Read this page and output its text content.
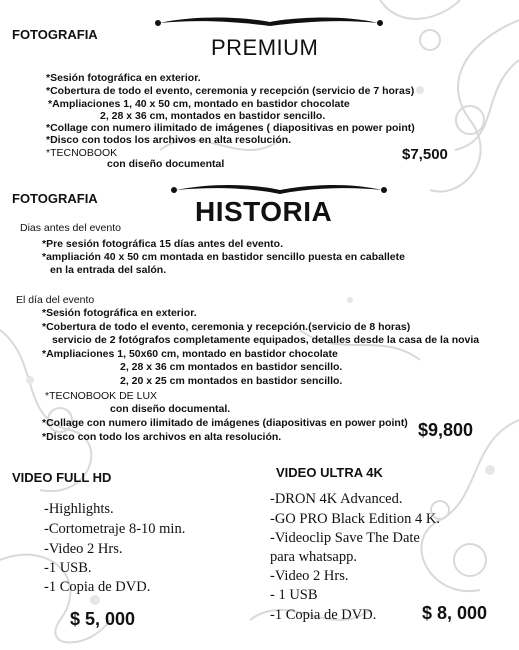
FOTOGRAFIA
PREMIUM
*Sesión fotográfica en exterior.
*Cobertura de todo el evento, ceremonia y recepción (servicio de 7 horas)
*Ampliaciones 1, 40 x 50 cm, montado en bastidor chocolate
2, 28 x 36 cm, montados en bastidor sencillo.
*Collage con numero ilimitado de imágenes ( diapositivas en power point)
*Disco con todos los archivos en alta resolución.
*TECNOBOOK
con diseño documental
$7,500
FOTOGRAFIA	HISTORIA
Dias antes del evento
*Pre sesión fotográfica 15 días antes del evento.
*ampliación 40 x 50 cm montada en bastidor sencillo puesta en caballete
en la entrada del salón.
El día del evento
*Sesión fotográfica en exterior.
*Cobertura de todo el evento, ceremonia y recepción.(servicio de 8 horas)
servicio de 2 fotógrafos completamente equipados, detalles desde la casa de la novia
*Ampliaciones 1, 50x60 cm, montado en bastidor chocolate
2, 28 x 36 cm montados en bastidor sencillo.
2, 20 x 25 cm montados en bastidor sencillo.
*TECNOBOOK DE LUX
con diseño documental.
*Collage con numero ilimitado de imágenes (diapositivas en power point)
*Disco con todo los archivos en alta resolución.	$9,800
VIDEO FULL HD
-Highlights.
-Cortometraje 8-10 min.
-Video 2 Hrs.
-1 USB.
-1 Copia de DVD.
$ 5, 000
VIDEO ULTRA 4K
-DRON 4K Advanced.
-GO PRO Black Edition 4 K.
-Videoclip Save The Date
para whatsapp.
-Video 2 Hrs.
- 1 USB
-1 Copia de DVD.	$ 8, 000
